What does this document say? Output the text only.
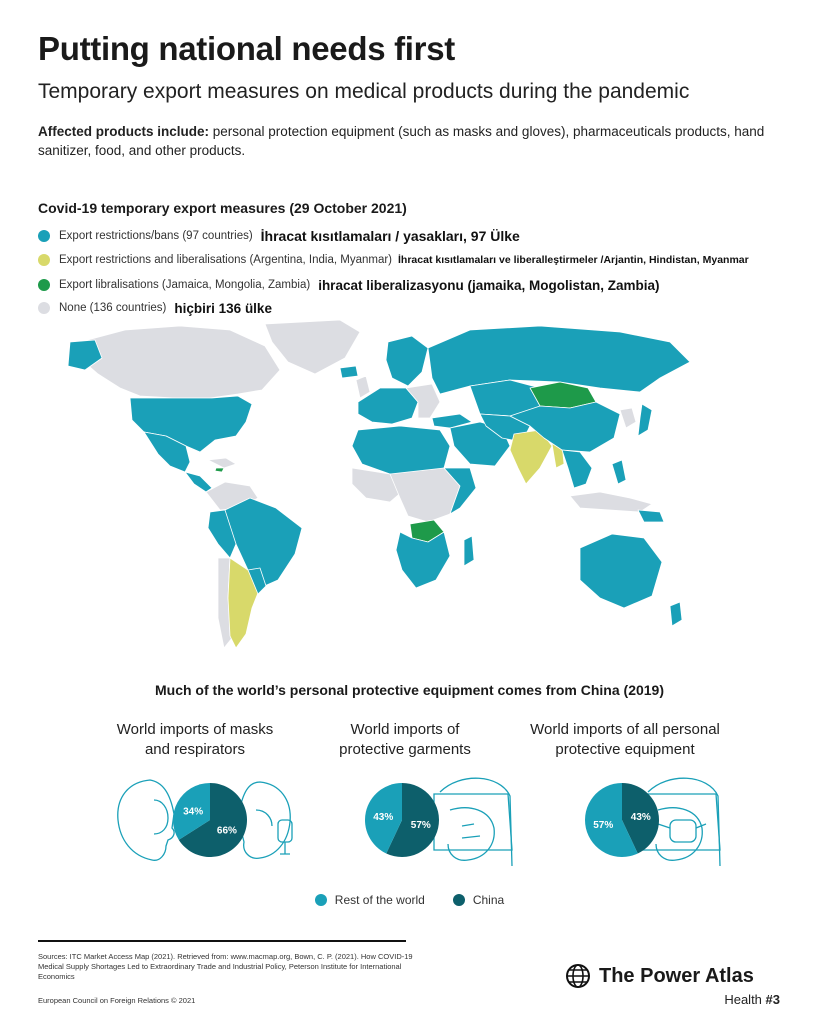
Putting national needs first
Temporary export measures on medical products during the pandemic
Affected products include: personal protection equipment (such as masks and gloves), pharmaceuticals products, hand sanitizer, food, and other products.
Covid-19 temporary export measures (29 October 2021)
Export restrictions/bans (97 countries) İhracat kısıtlamaları / yasakları, 97 Ülke
Export restrictions and liberalisations (Argentina, India, Myanmar) İhracat kısıtlamaları ve liberalleştirmeler /Arjantin, Hindistan, Myanmar
Export libralisations (Jamaica, Mongolia, Zambia) ihracat liberalizasyonu (jamaika, Mogolistan, Zambia)
None (136 countries) hiçbiri 136 ülke
Much of the world’s personal protective equipment comes from China (2019)
World imports of masks and respirators
World imports of protective garments
World imports of all personal protective equipment
66%
34%
57%
43%	43%
57%
Rest of the world	China
Sources: ITC Market Access Map (2021). Retrieved from: www.macmap.org, Bown, C. P. (2021). How COVID-19 Medical Supply Shortages Led to Extraordinary Trade and Industrial Policy, Peterson Institute for International Economics
European Council on Foreign Relations © 2021
The Power Atlas
Health #3
